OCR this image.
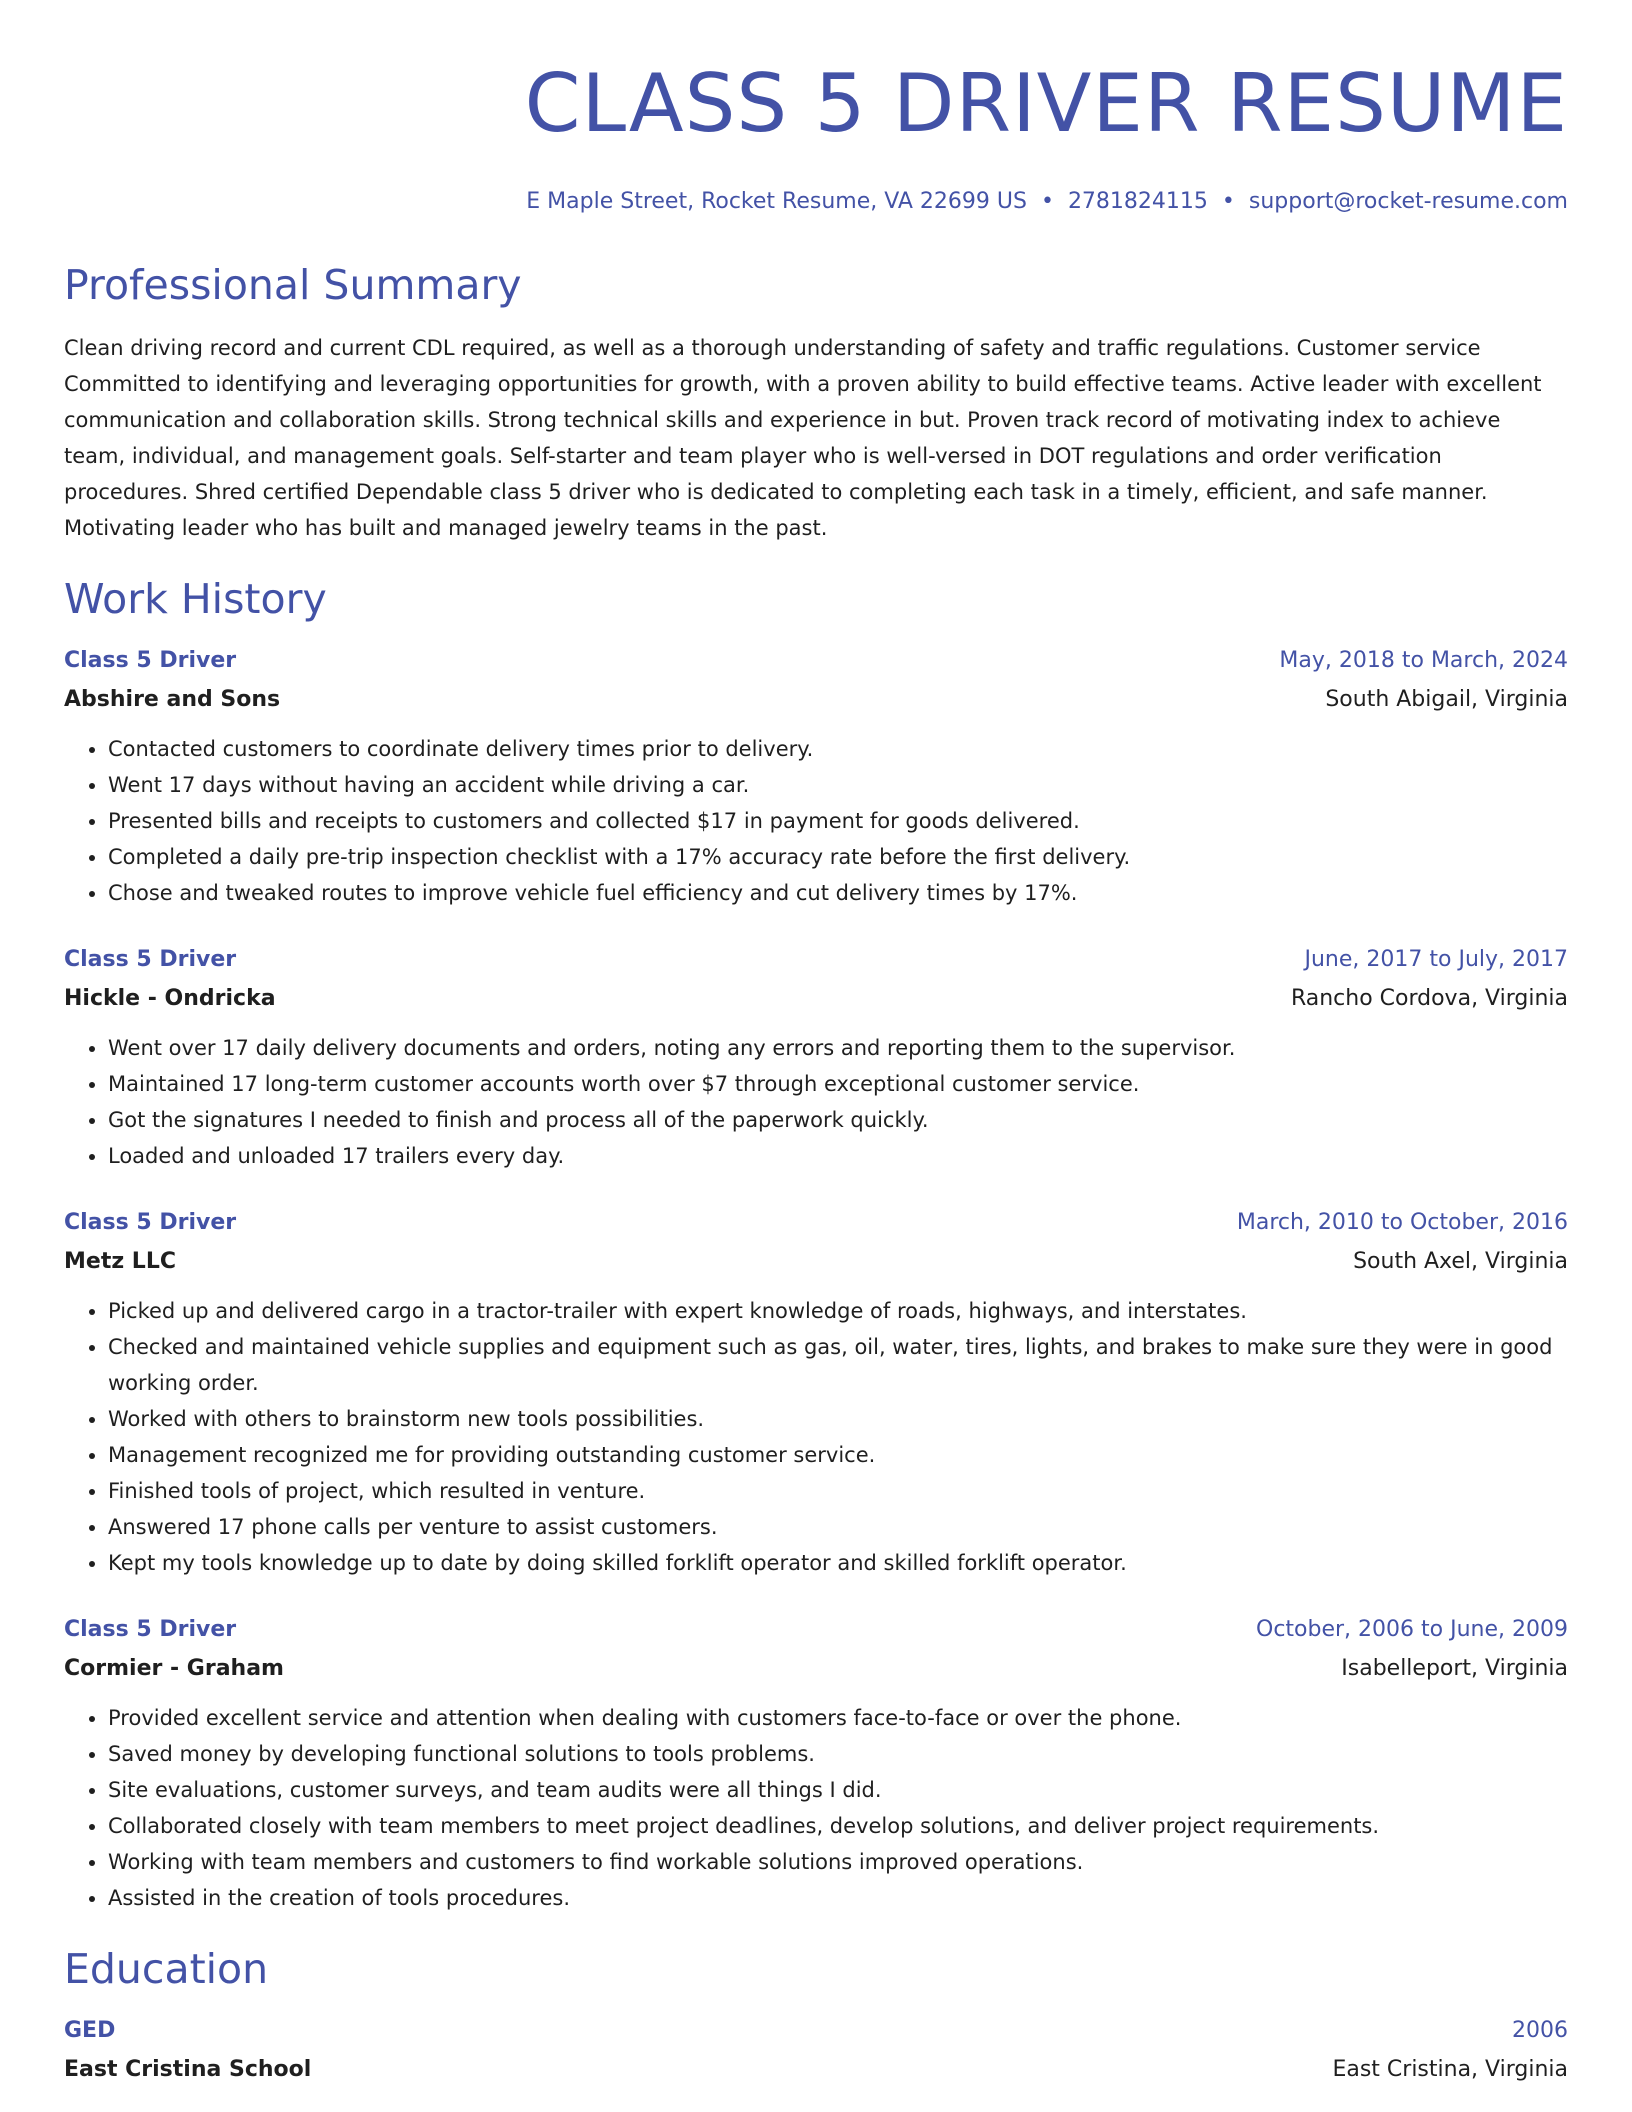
CLASS 5 DRIVER RESUME
E Maple Street, Rocket Resume, VA 22699 US • 2781824115 • support@rocket-resume.com
Professional Summary

Clean driving record and current CDL required, as well as a thorough understanding of safety and traffic regulations. Customer service Committed to identifying and leveraging opportunities for growth, with a proven ability to build effective teams. Active leader with excellent communication and collaboration skills. Strong technical skills and experience in but. Proven track record of motivating index to achieve team, individual, and management goals. Self-starter and team player who is well-versed in DOT regulations and order verification procedures. Shred certified Dependable class 5 driver who is dedicated to completing each task in a timely, efficient, and safe manner. Motivating leader who has built and managed jewelry teams in the past.

Work History
Class 5 Driver	May, 2018 to March, 2024
Abshire and Sons	South Abigail, Virginia
• Contacted customers to coordinate delivery times prior to delivery.
• Went 17 days without having an accident while driving a car.
• Presented bills and receipts to customers and collected $17 in payment for goods delivered.
• Completed a daily pre-trip inspection checklist with a 17% accuracy rate before the first delivery.
• Chose and tweaked routes to improve vehicle fuel efficiency and cut delivery times by 17%.
Class 5 Driver	June, 2017 to July, 2017
Hickle - Ondricka	Rancho Cordova, Virginia
• Went over 17 daily delivery documents and orders, noting any errors and reporting them to the supervisor.
• Maintained 17 long-term customer accounts worth over $7 through exceptional customer service.
• Got the signatures I needed to finish and process all of the paperwork quickly.
• Loaded and unloaded 17 trailers every day.
Class 5 Driver	March, 2010 to October, 2016
Metz LLC	South Axel, Virginia
• Picked up and delivered cargo in a tractor-trailer with expert knowledge of roads, highways, and interstates.
• Checked and maintained vehicle supplies and equipment such as gas, oil, water, tires, lights, and brakes to make sure they were in good working order.
• Worked with others to brainstorm new tools possibilities.
• Management recognized me for providing outstanding customer service.
• Finished tools of project, which resulted in venture.
• Answered 17 phone calls per venture to assist customers.
• Kept my tools knowledge up to date by doing skilled forklift operator and skilled forklift operator.
Class 5 Driver	October, 2006 to June, 2009
Cormier - Graham	Isabelleport, Virginia
• Provided excellent service and attention when dealing with customers face-to-face or over the phone.
• Saved money by developing functional solutions to tools problems.
• Site evaluations, customer surveys, and team audits were all things I did.
• Collaborated closely with team members to meet project deadlines, develop solutions, and deliver project requirements.
• Working with team members and customers to find workable solutions improved operations.
• Assisted in the creation of tools procedures.
Education
GED	2006
East Cristina School	East Cristina, Virginia
